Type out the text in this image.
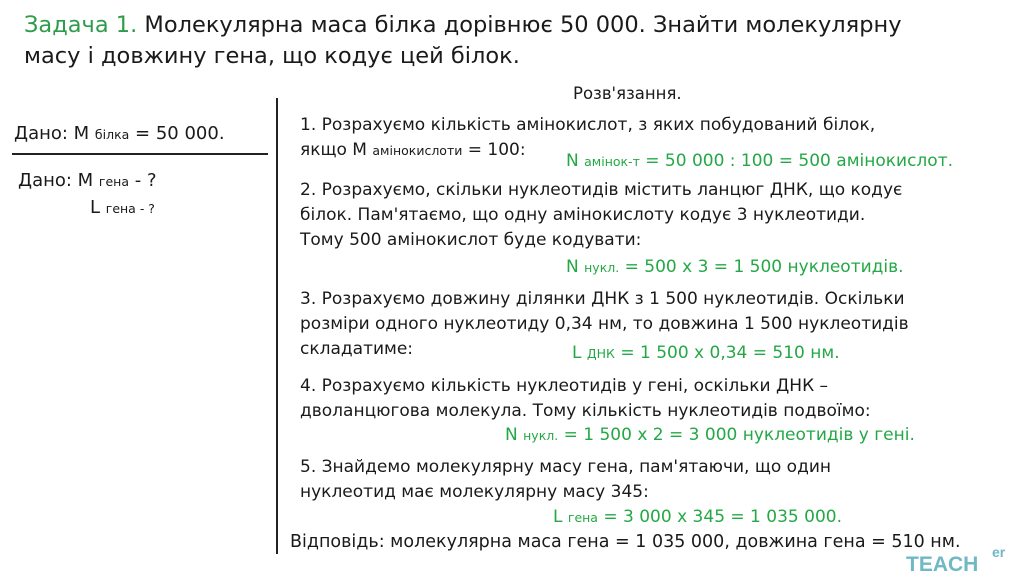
Задача 1. Молекулярна маса білка дорівнює 50 000. Знайти молекулярну
масу і довжину гена, що кодує цей білок.
Дано: М білка = 50 000.
Дано: М гена - ?
L гена - ?
Розв'язання.
1. Розрахуємо кількість амінокислот, з яких побудований білок,
якщо М амінокислоти = 100:
N амінок-т = 50 000 : 100 = 500 амінокислот.
2. Розрахуємо, скільки нуклеотидів містить ланцюг ДНК, що кодує
білок. Пам'ятаємо, що одну амінокислоту кодує 3 нуклеотиди.
Тому 500 амінокислот буде кодувати:
N нукл. = 500 х 3 = 1 500 нуклеотидів.
3. Розрахуємо довжину ділянки ДНК з 1 500 нуклеотидів. Оскільки
розміри одного нуклеотиду 0,34 нм, то довжина 1 500 нуклеотидів
складатиме:	L ДНК = 1 500 х 0,34 = 510 нм.
4. Розрахуємо кількість нуклеотидів у гені, оскільки ДНК –
дволанцюгова молекула. Тому кількість нуклеотидів подвоїмо:
N нукл. = 1 500 х 2 = 3 000 нуклеотидів у гені.
5. Знайдемо молекулярну масу гена, пам'ятаючи, що один
нуклеотид має молекулярну масу 345:
L гена = 3 000 х 345 = 1 035 000.
Відповідь: молекулярна маса гена = 1 035 000, довжина гена = 510 нм.
TEACH
er
